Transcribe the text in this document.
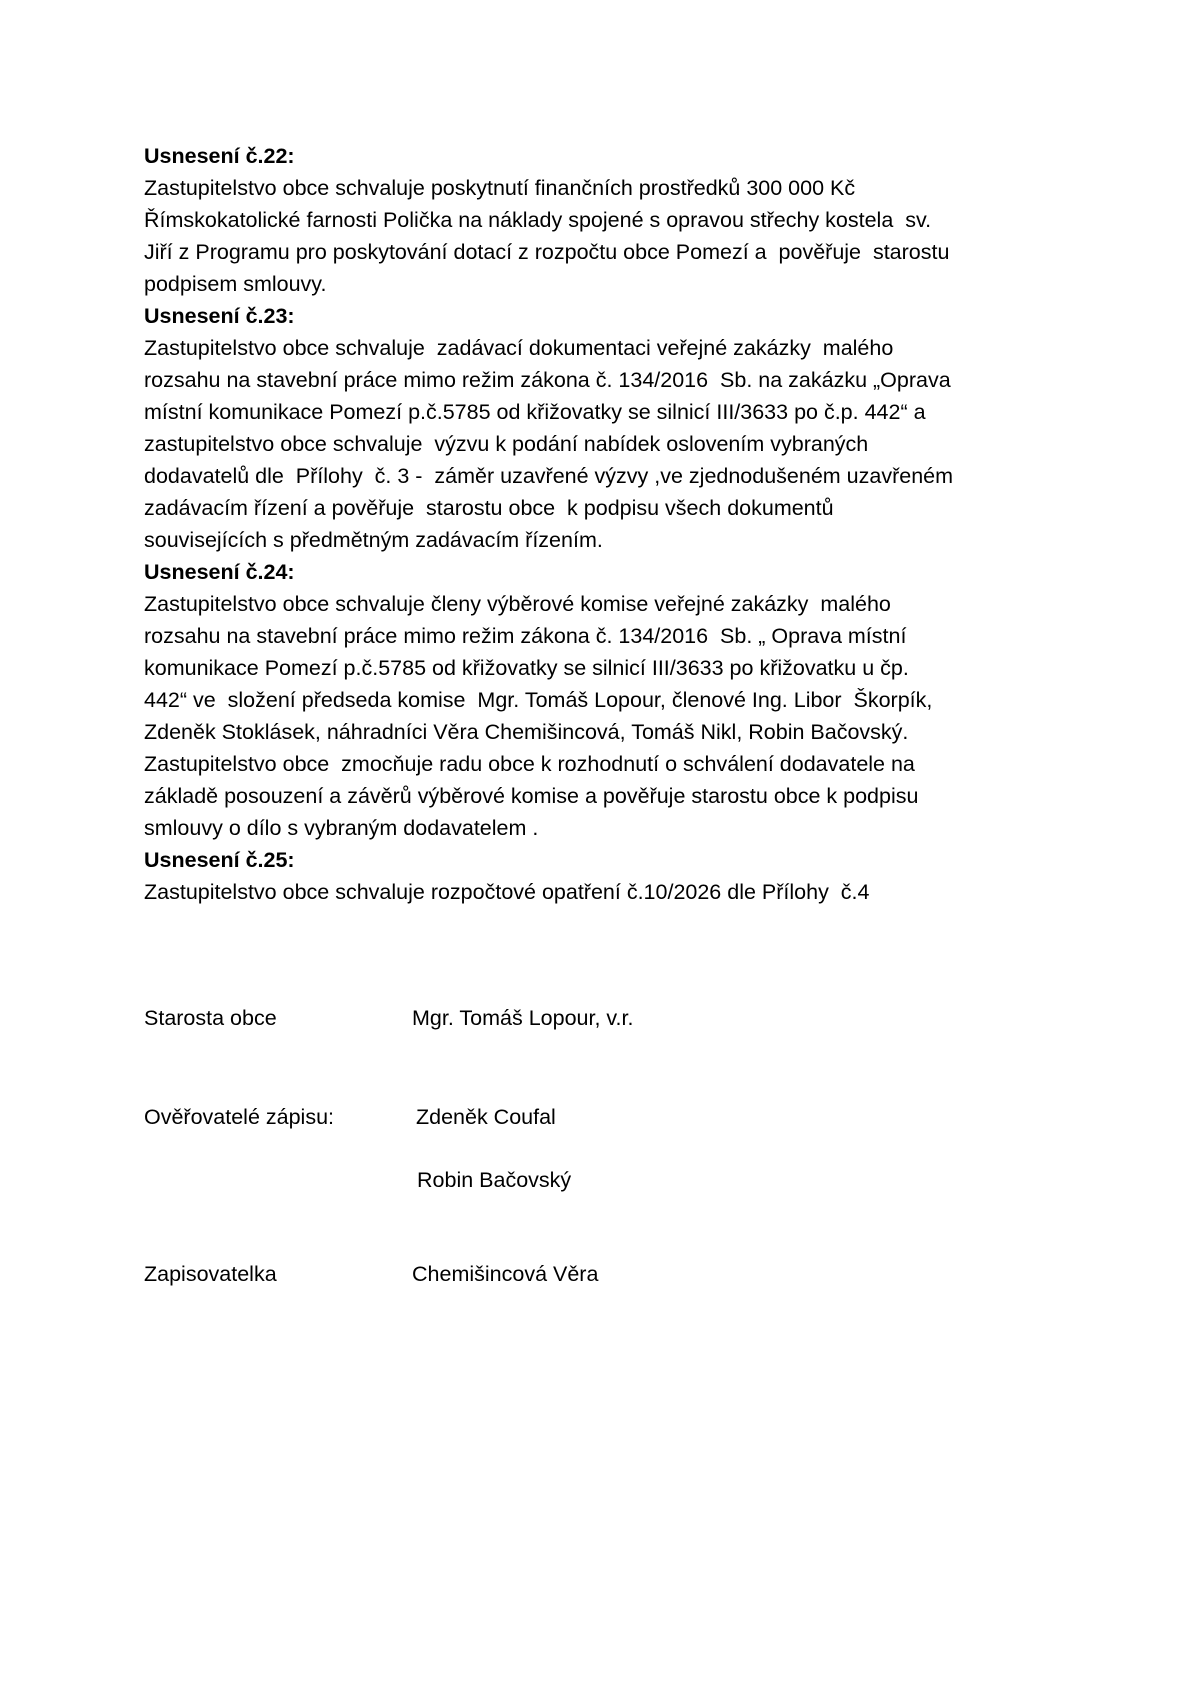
Usnesení č.22:

Zastupitelstvo obce schvaluje poskytnutí finančních prostředků 300 000 Kč

Římskokatolické farnosti Polička na náklady spojené s opravou střechy kostela  sv.

Jiří z Programu pro poskytování dotací z rozpočtu obce Pomezí a  pověřuje  starostu

podpisem smlouvy.

Usnesení č.23:

Zastupitelstvo obce schvaluje  zadávací dokumentaci veřejné zakázky  malého

rozsahu na stavební práce mimo režim zákona č. 134/2016  Sb. na zakázku „Oprava

místní komunikace Pomezí p.č.5785 od křižovatky se silnicí III/3633 po č.p. 442“ a

zastupitelstvo obce schvaluje  výzvu k podání nabídek oslovením vybraných

dodavatelů dle  Přílohy  č. 3 -  záměr uzavřené výzvy ,ve zjednodušeném uzavřeném

zadávacím řízení a pověřuje  starostu obce  k podpisu všech dokumentů

souvisejících s předmětným zadávacím řízením.

Usnesení č.24:

Zastupitelstvo obce schvaluje členy výběrové komise veřejné zakázky  malého

rozsahu na stavební práce mimo režim zákona č. 134/2016  Sb. „ Oprava místní

komunikace Pomezí p.č.5785 od křižovatky se silnicí III/3633 po křižovatku u čp.

442“ ve  složení předseda komise  Mgr. Tomáš Lopour, členové Ing. Libor  Škorpík,

Zdeněk Stoklásek, náhradníci Věra Chemišincová, Tomáš Nikl, Robin Bačovský.

Zastupitelstvo obce  zmocňuje radu obce k rozhodnutí o schválení dodavatele na

základě posouzení a závěrů výběrové komise a pověřuje starostu obce k podpisu

smlouvy o dílo s vybraným dodavatelem .

Usnesení č.25:

Zastupitelstvo obce schvaluje rozpočtové opatření č.10/2026 dle Přílohy  č.4

Starosta obce	Mgr. Tomáš Lopour, v.r.
Ověřovatelé zápisu:	Zdeněk Coufal
Robin Bačovský
Zapisovatelka	Chemišincová Věra
